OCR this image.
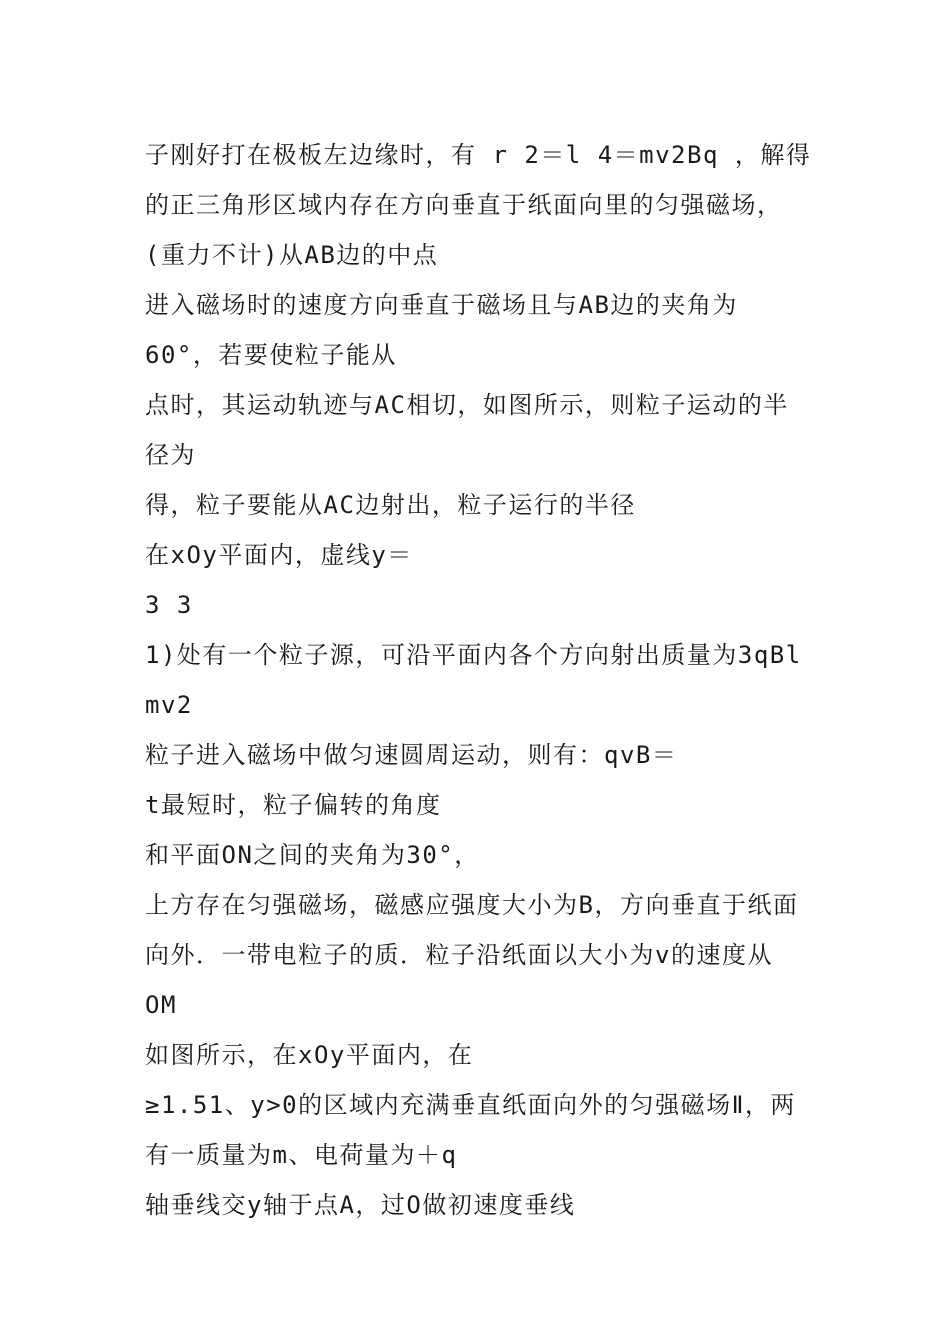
子刚好打在极板左边缘时，有 r 2＝l 4＝mv2Bq ，解得
的正三角形区域内存在方向垂直于纸面向里的匀强磁场，
(重力不计)从AB边的中点
进入磁场时的速度方向垂直于磁场且与AB边的夹角为
60°，若要使粒子能从
点时，其运动轨迹与AC相切，如图所示，则粒子运动的半
径为
得，粒子要能从AC边射出，粒子运行的半径
在xOy平面内，虚线y＝
3 3
1)处有一个粒子源，可沿平面内各个方向射出质量为3qBl
mv2
粒子进入磁场中做匀速圆周运动，则有：qvB＝
t最短时，粒子偏转的角度
和平面ON之间的夹角为30°，
上方存在匀强磁场，磁感应强度大小为B，方向垂直于纸面
向外．一带电粒子的质．粒子沿纸面以大小为v的速度从
OM
如图所示，在xOy平面内，在
≥1.51、y>0的区域内充满垂直纸面向外的匀强磁场Ⅱ，两
有一质量为m、电荷量为＋q
轴垂线交y轴于点A，过O做初速度垂线
